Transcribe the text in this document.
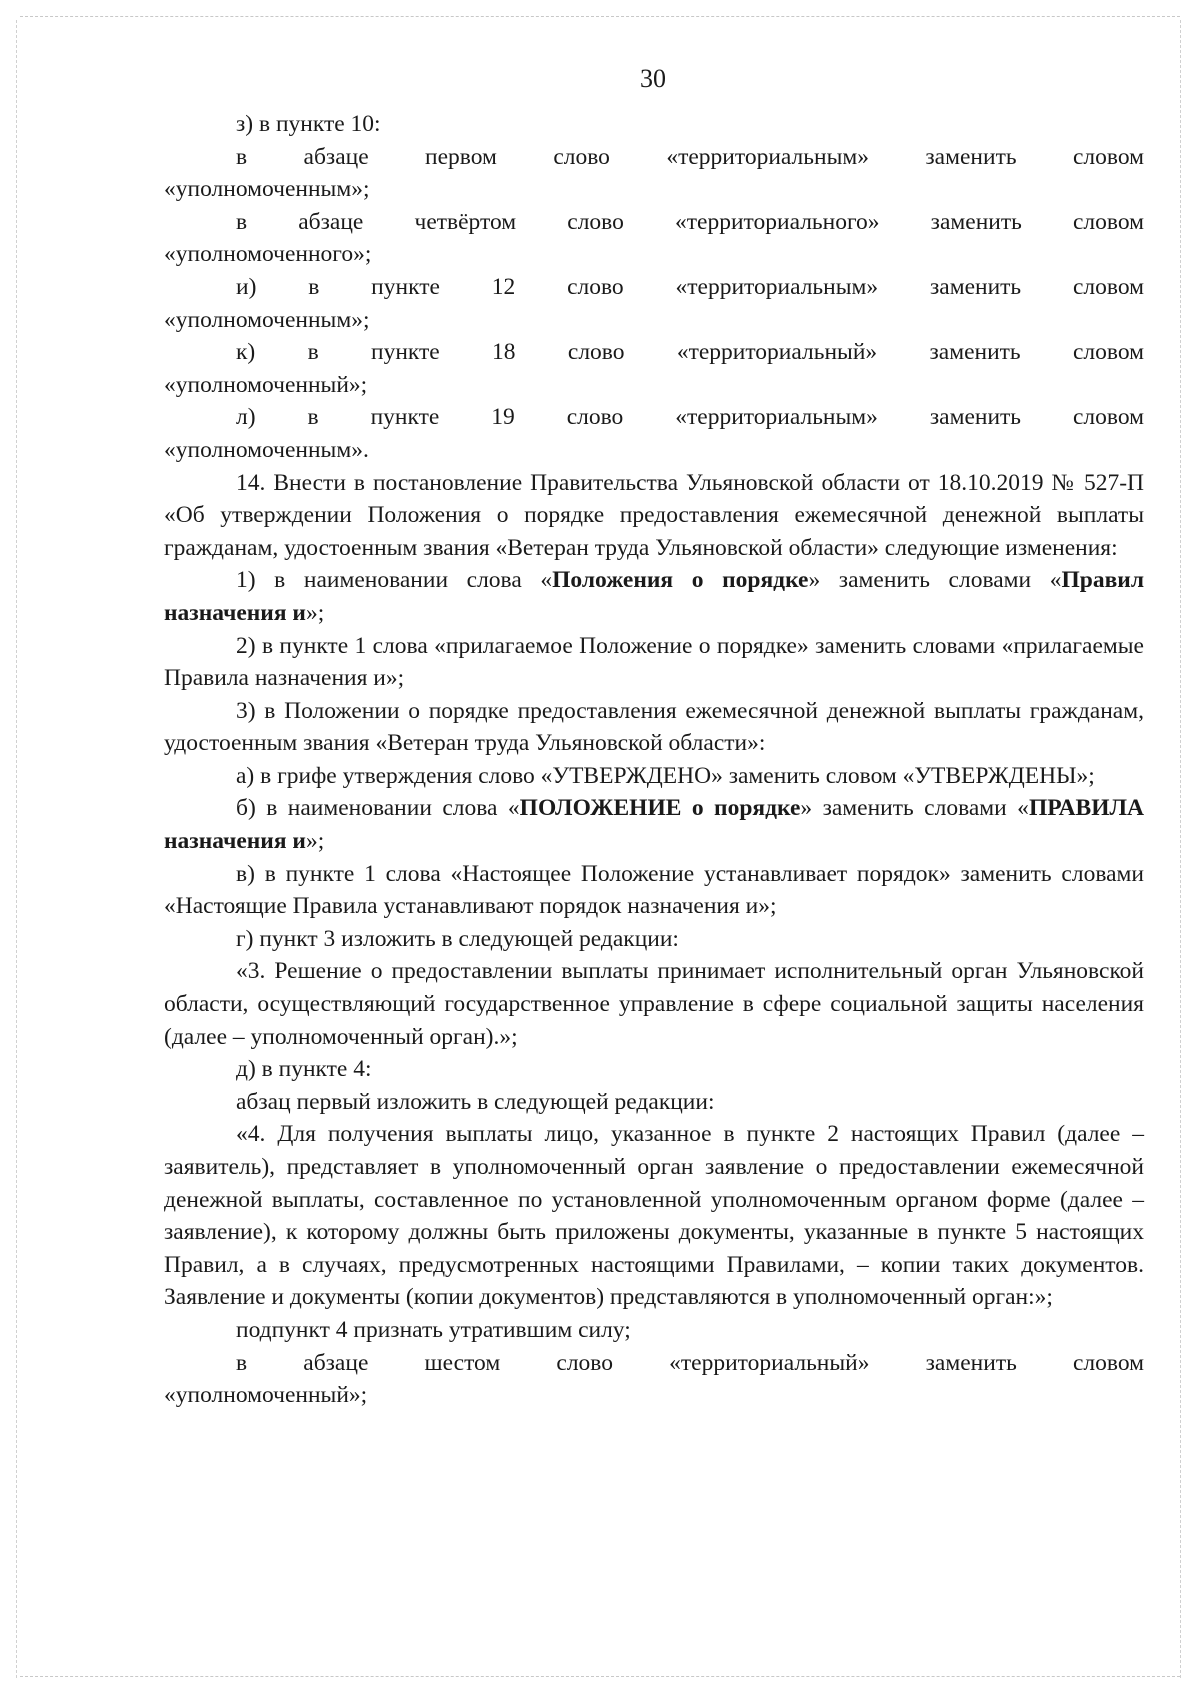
30

з) в пункте 10:

в абзаце первом слово «территориальным» заменить словом

«уполномоченным»;

в абзаце четвёртом слово «территориального» заменить словом

«уполномоченного»;

и) в пункте 12 слово «территориальным» заменить словом

«уполномоченным»;

к) в пункте 18 слово «территориальный» заменить словом

«уполномоченный»;

л) в пункте 19 слово «территориальным» заменить словом

«уполномоченным».

14. Внести в постановление Правительства Ульяновской области от 18.10.2019 № 527-П «Об утверждении Положения о порядке предоставления ежемесячной денежной выплаты гражданам, удостоенным звания «Ветеран труда Ульяновской области» следующие изменения:

1) в наименовании слова «Положения о порядке» заменить словами «Правил назначения и»;

2) в пункте 1 слова «прилагаемое Положение о порядке» заменить словами «прилагаемые Правила назначения и»;

3) в Положении о порядке предоставления ежемесячной денежной выплаты гражданам, удостоенным звания «Ветеран труда Ульяновской области»:

а) в грифе утверждения слово «УТВЕРЖДЕНО» заменить словом «УТВЕРЖДЕНЫ»;

б) в наименовании слова «ПОЛОЖЕНИЕ о порядке» заменить словами «ПРАВИЛА назначения и»;

в) в пункте 1 слова «Настоящее Положение устанавливает порядок» заменить словами «Настоящие Правила устанавливают порядок назначения и»;

г) пункт 3 изложить в следующей редакции:

«3. Решение о предоставлении выплаты принимает исполнительный орган Ульяновской области, осуществляющий государственное управление в сфере социальной защиты населения (далее – уполномоченный орган).»;

д) в пункте 4:

абзац первый изложить в следующей редакции:

«4. Для получения выплаты лицо, указанное в пункте 2 настоящих Правил (далее – заявитель), представляет в уполномоченный орган заявление о предоставлении ежемесячной денежной выплаты, составленное по установленной уполномоченным органом форме (далее – заявление), к которому должны быть приложены документы, указанные в пункте 5 настоящих Правил, а в случаях, предусмотренных настоящими Правилами, – копии таких документов. Заявление и документы (копии документов) представляются в уполномоченный орган:»;

подпункт 4 признать утратившим силу;

в абзаце шестом слово «территориальный» заменить словом

«уполномоченный»;
